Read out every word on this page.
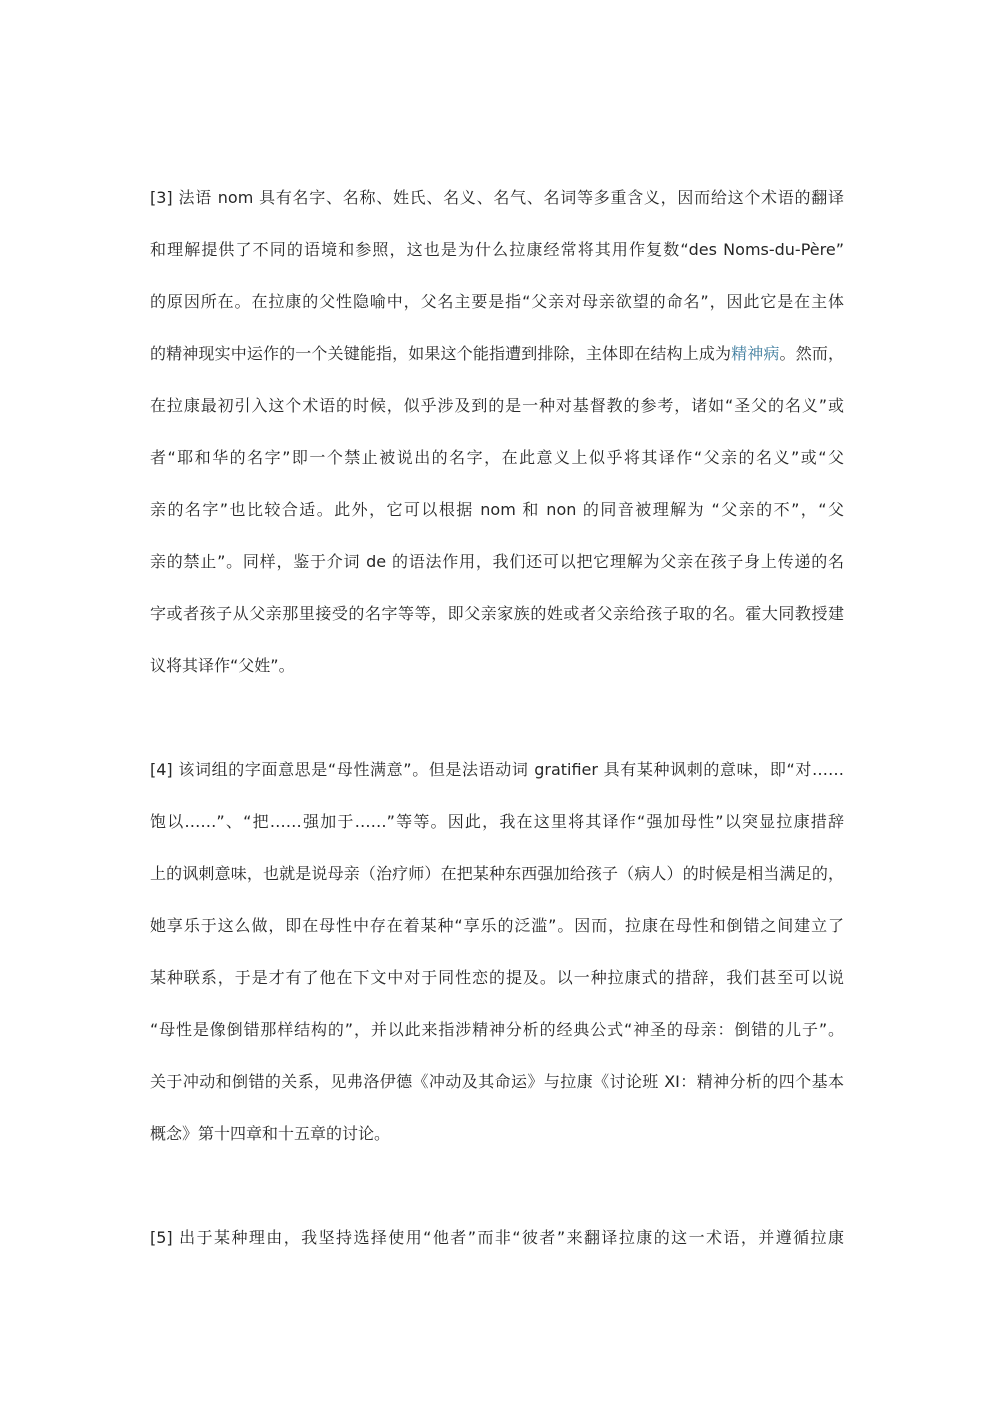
[3] 法语 nom 具有名字、名称、姓氏、名义、名气、名词等多重含义，因而给这个术语的翻译
和理解提供了不同的语境和参照，这也是为什么拉康经常将其用作复数“des Noms-du-Père”
的原因所在。在拉康的父性隐喻中，父名主要是指“父亲对母亲欲望的命名”，因此它是在主体
的精神现实中运作的一个关键能指，如果这个能指遭到排除，主体即在结构上成为精神病。然而，
在拉康最初引入这个术语的时候，似乎涉及到的是一种对基督教的参考，诸如“圣父的名义”或
者“耶和华的名字”即一个禁止被说出的名字，在此意义上似乎将其译作“父亲的名义”或“父
亲的名字”也比较合适。此外，它可以根据 nom 和 non 的同音被理解为 “父亲的不”，“父
亲的禁止”。同样，鉴于介词 de 的语法作用，我们还可以把它理解为父亲在孩子身上传递的名
字或者孩子从父亲那里接受的名字等等，即父亲家族的姓或者父亲给孩子取的名。霍大同教授建
议将其译作“父姓”。
[4] 该词组的字面意思是“母性满意”。但是法语动词 gratifier 具有某种讽刺的意味，即“对……
饱以……”、“把……强加于……”等等。因此，我在这里将其译作“强加母性”以突显拉康措辞
上的讽刺意味，也就是说母亲（治疗师）在把某种东西强加给孩子（病人）的时候是相当满足的，
她享乐于这么做，即在母性中存在着某种“享乐的泛滥”。因而，拉康在母性和倒错之间建立了
某种联系，于是才有了他在下文中对于同性恋的提及。以一种拉康式的措辞，我们甚至可以说
“母性是像倒错那样结构的”，并以此来指涉精神分析的经典公式“神圣的母亲：倒错的儿子”。
关于冲动和倒错的关系，见弗洛伊德《冲动及其命运》与拉康《讨论班 XI：精神分析的四个基本
概念》第十四章和十五章的讨论。
[5] 出于某种理由，我坚持选择使用“他者”而非“彼者”来翻译拉康的这一术语，并遵循拉康
